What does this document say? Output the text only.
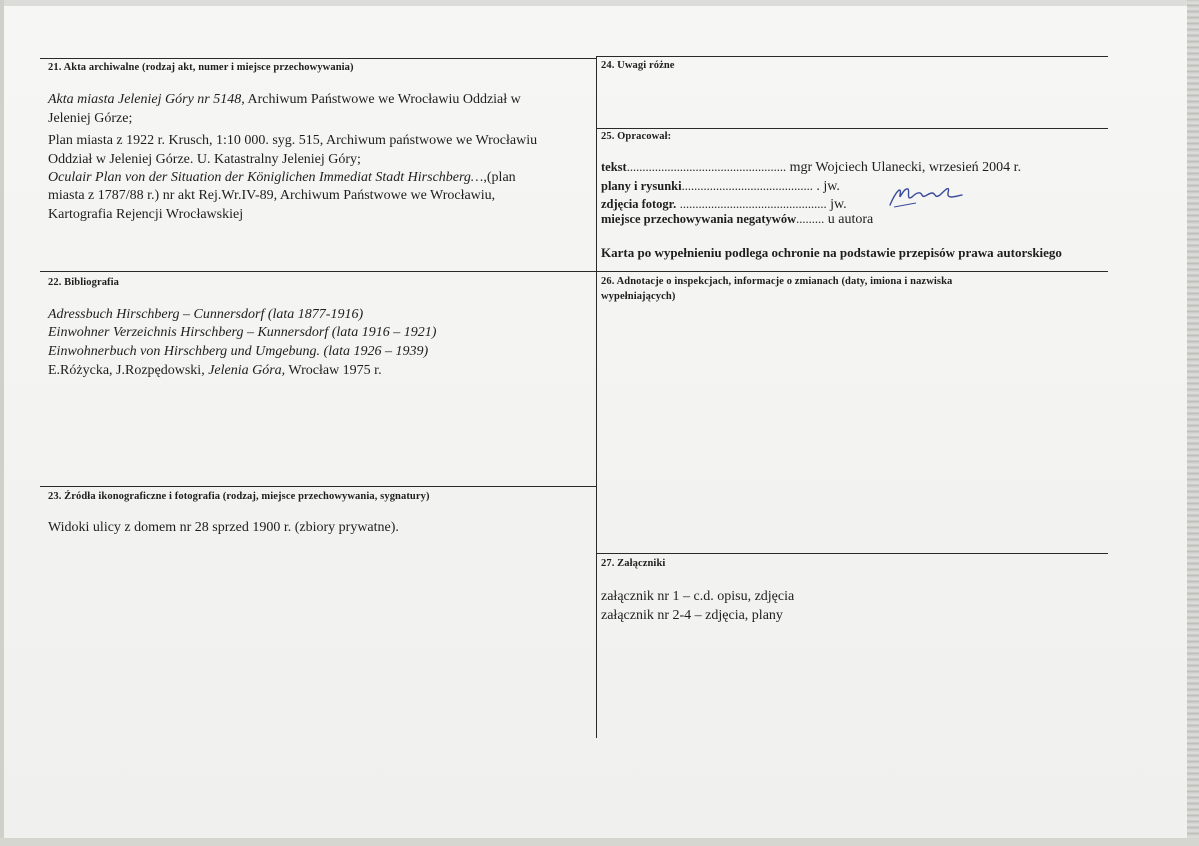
21. Akta archiwalne (rodzaj akt, numer i miejsce przechowywania)
Akta miasta Jeleniej Góry nr 5148, Archiwum Państwowe we Wrocławiu Oddział w
Jeleniej Górze;
Plan miasta z 1922 r. Krusch, 1:10 000. syg. 515, Archiwum państwowe we Wrocławiu
Oddział w Jeleniej Górze. U. Katastralny Jeleniej Góry;
Oculair Plan von der Situation der Königlichen Immediat Stadt Hirschberg…,(plan
miasta z 1787/88 r.) nr akt Rej.Wr.IV-89, Archiwum Państwowe we Wrocławiu,
Kartografia Rejencji Wrocławskiej
24. Uwagi różne
25. Opracował:
tekst................................................... mgr Wojciech Ulanecki, wrzesień 2004 r.
plany i rysunki.......................................... . jw.
zdjęcia fotogr. ............................................... jw.
miejsce przechowywania negatywów......... u autora
Karta po wypełnieniu podlega ochronie na podstawie przepisów prawa autorskiego
22. Bibliografia
Adressbuch Hirschberg – Cunnersdorf (lata 1877-1916)
Einwohner Verzeichnis Hirschberg – Kunnersdorf (lata 1916 – 1921)
Einwohnerbuch von Hirschberg und Umgebung. (lata 1926 – 1939)
E.Różycka, J.Rozpędowski, Jelenia Góra, Wrocław 1975 r.
26. Adnotacje o inspekcjach, informacje o zmianach (daty, imiona i nazwiska
wypełniających)
23. Źródła ikonograficzne i fotografia (rodzaj, miejsce przechowywania, sygnatury)
Widoki ulicy z domem nr 28 sprzed 1900 r. (zbiory prywatne).
27. Załączniki
załącznik nr 1 – c.d. opisu, zdjęcia
załącznik nr 2-4 – zdjęcia, plany
